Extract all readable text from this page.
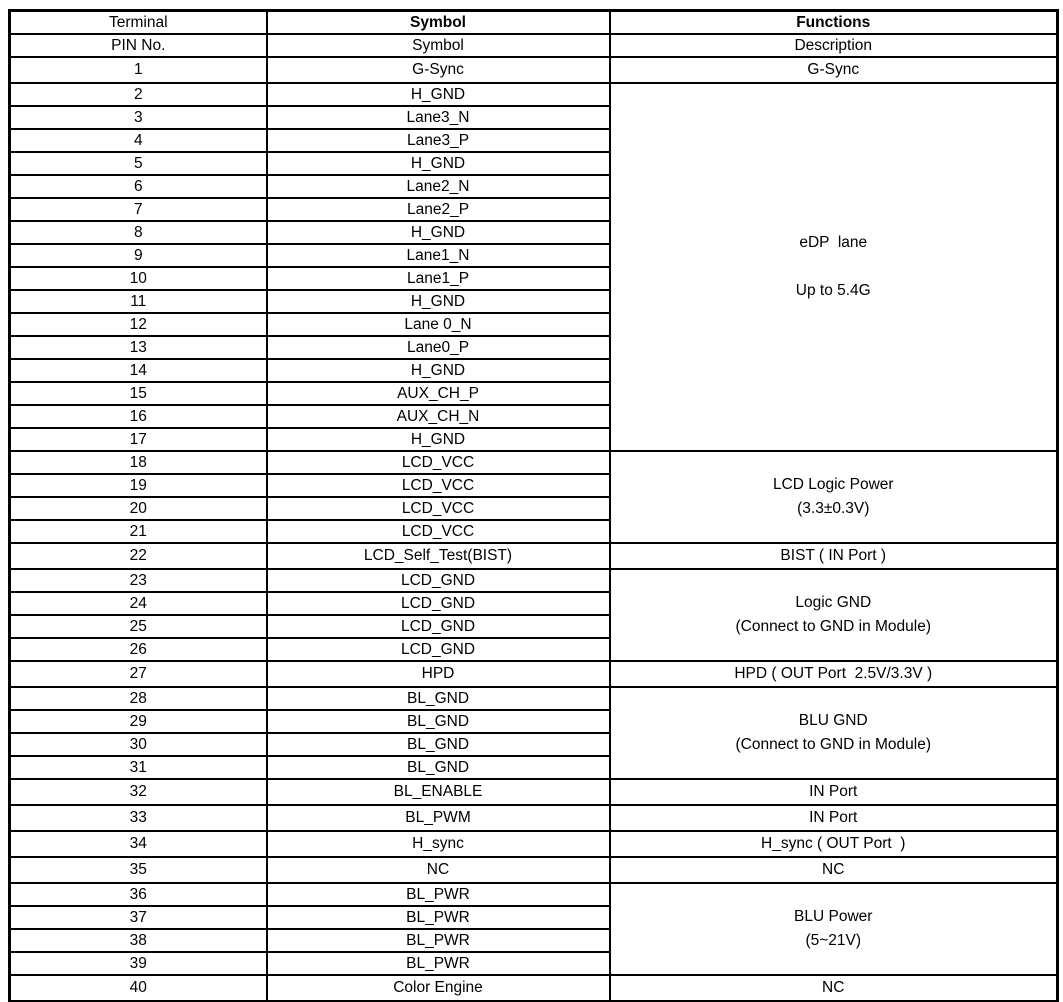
Terminal	Symbol	Functions
PIN No.	Symbol	Description
1	G-Sync	G-Sync

2	H_GND	eDP  lane

Up to 5.4G

3	Lane3_N	
4	Lane3_P	
5	H_GND	
6	Lane2_N	
7	Lane2_P	
8	H_GND	
9	Lane1_N	
10	Lane1_P	
11	H_GND	
12	Lane 0_N	
13	Lane0_P	
14	H_GND	
15	AUX_CH_P	
16	AUX_CH_N	
17	H_GND	
18	LCD_VCC	LCD Logic Power
(3.3±0.3V)

19	LCD_VCC	
20	LCD_VCC	
21	LCD_VCC	
22	LCD_Self_Test(BIST)	BIST ( IN Port )

23	LCD_GND	Logic GND
(Connect to GND in Module)

24	LCD_GND	
25	LCD_GND	
26	LCD_GND	
27	HPD	HPD ( OUT Port  2.5V/3.3V )

28	BL_GND	BLU GND
(Connect to GND in Module)

29	BL_GND	
30	BL_GND	
31	BL_GND	
32	BL_ENABLE	IN Port

33	BL_PWM	IN Port

34	H_sync	H_sync ( OUT Port  )

35	NC	NC

36	BL_PWR	BLU Power
(5~21V)

37	BL_PWR	
38	BL_PWR	
39	BL_PWR	
40	Color Engine	NC
